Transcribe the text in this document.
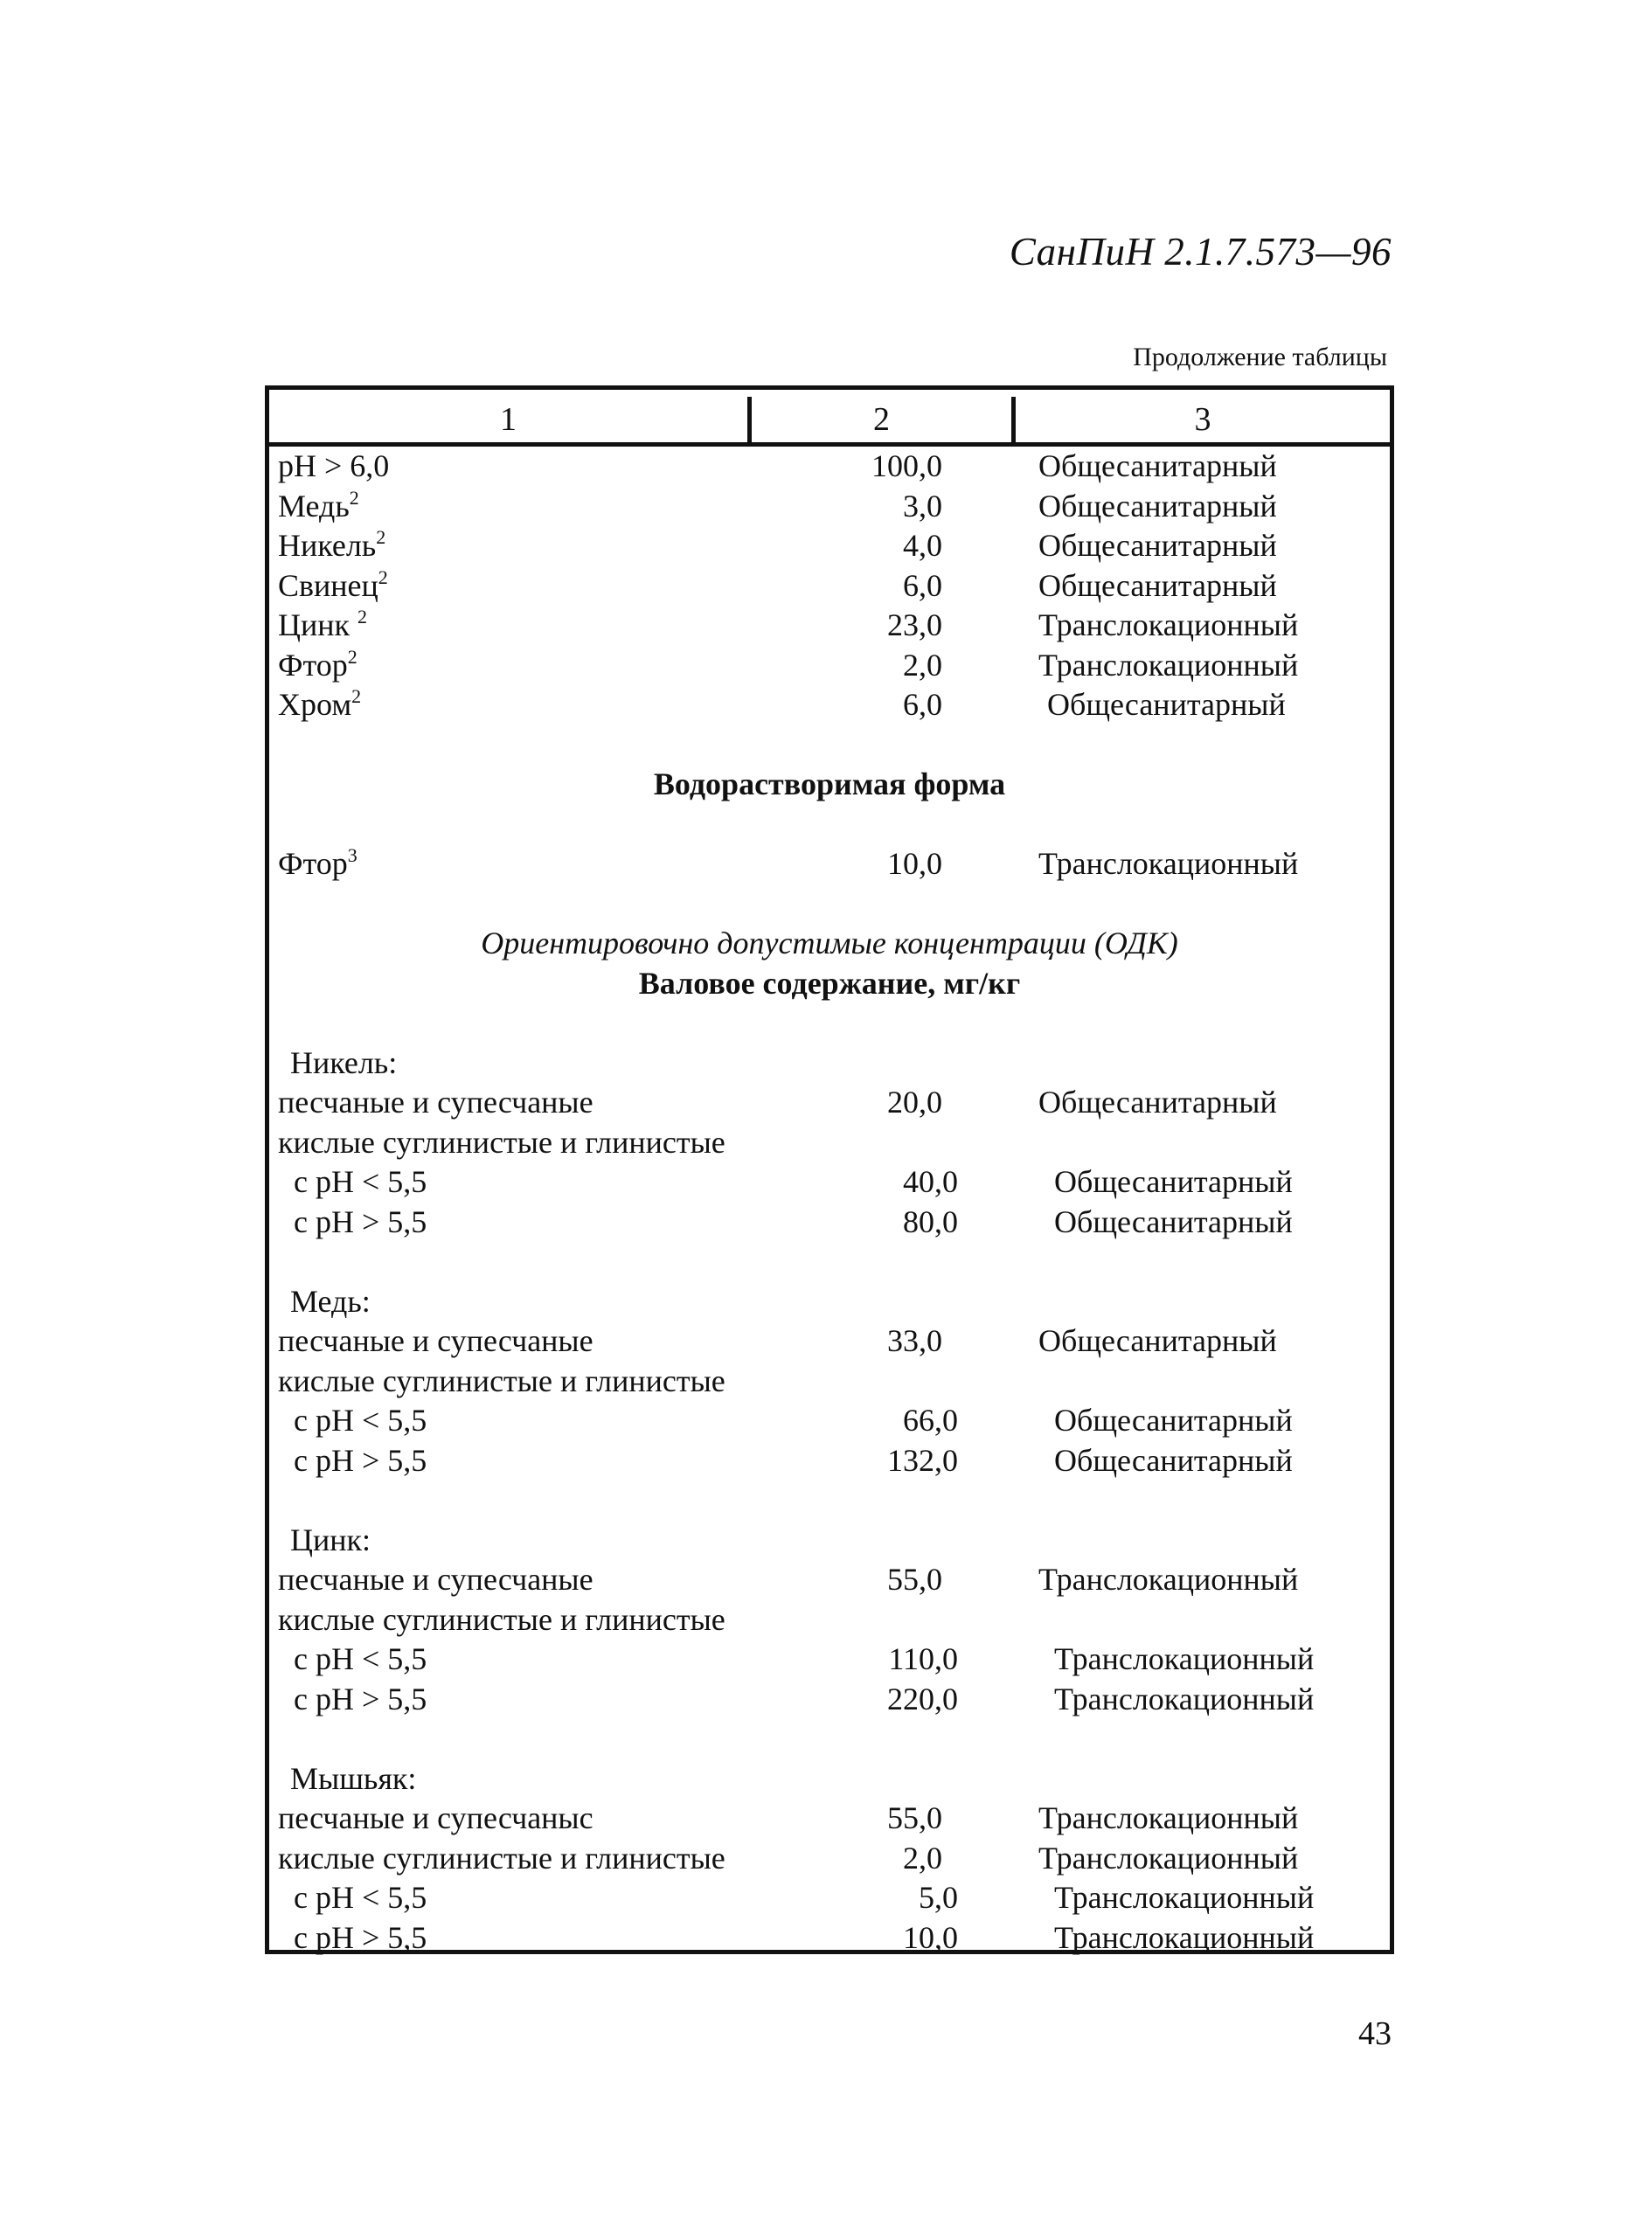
СанПиН 2.1.7.573—96
Продолжение таблицы
1	2	3
pH > 6,0	100,0	Общесанитарный
Медь$^2$	3,0	Общесанитарный
Никель$^2$	4,0	Общесанитарный
Свинец$^2$	6,0	Общесанитарный
Цинк $^2$	23,0	Транслокационный
Фтор$^2$	2,0	Транслокационный
Хром$^2$	6,0	Общесанитарный
Водорастворимая форма
Фтор$^3$	10,0	Транслокационный
Ориентировочно допустимые концентрации (ОДК)
Валовое содержание, мг/кг
Никель:
песчаные и супесчаные	20,0	Общесанитарный
кислые суглинистые и глинистые
с pH < 5,5	40,0	Общесанитарный
с pH > 5,5	80,0	Общесанитарный
Медь:
песчаные и супесчаные	33,0	Общесанитарный
кислые суглинистые и глинистые
с pH < 5,5	66,0	Общесанитарный
с pH > 5,5	132,0	Общесанитарный
Цинк:
песчаные и супесчаные	55,0	Транслокационный
кислые суглинистые и глинистые
с pH < 5,5	110,0	Транслокационный
с pH > 5,5	220,0	Транслокационный
Мышьяк:
песчаные и супесчаныс	55,0	Транслокационный
кислые суглинистые и глинистые	2,0	Транслокационный
с pH < 5,5	5,0	Транслокационный
с pH > 5,5	10,0	Транслокационный
43
